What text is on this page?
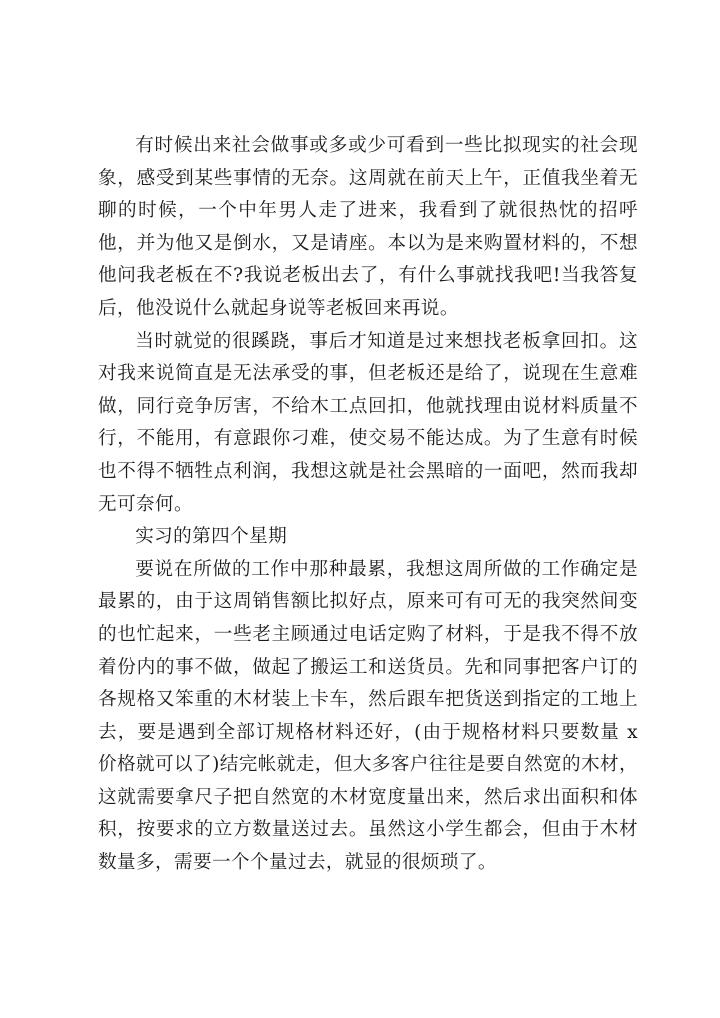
有时候出来社会做事或多或少可看到一些比拟现实的社会现象，感受到某些事情的无奈。这周就在前天上午，正值我坐着无聊的时候，一个中年男人走了进来，我看到了就很热忱的招呼他，并为他又是倒水，又是请座。本以为是来购置材料的，不想他问我老板在不?我说老板出去了，有什么事就找我吧!当我答复后，他没说什么就起身说等老板回来再说。

当时就觉的很蹊跷，事后才知道是过来想找老板拿回扣。这对我来说简直是无法承受的事，但老板还是给了，说现在生意难做，同行竞争厉害，不给木工点回扣，他就找理由说材料质量不行，不能用，有意跟你刁难，使交易不能达成。为了生意有时候也不得不牺牲点利润，我想这就是社会黑暗的一面吧，然而我却无可奈何。

实习的第四个星期

要说在所做的工作中那种最累，我想这周所做的工作确定是最累的，由于这周销售额比拟好点，原来可有可无的我突然间变的也忙起来，一些老主顾通过电话定购了材料，于是我不得不放着份内的事不做，做起了搬运工和送货员。先和同事把客户订的各规格又笨重的木材装上卡车，然后跟车把货送到指定的工地上去，要是遇到全部订规格材料还好，(由于规格材料只要数量 x 价格就可以了)结完帐就走，但大多客户往往是要自然宽的木材，这就需要拿尺子把自然宽的木材宽度量出来，然后求出面积和体积，按要求的立方数量送过去。虽然这小学生都会，但由于木材数量多，需要一个个量过去，就显的很烦琐了。
